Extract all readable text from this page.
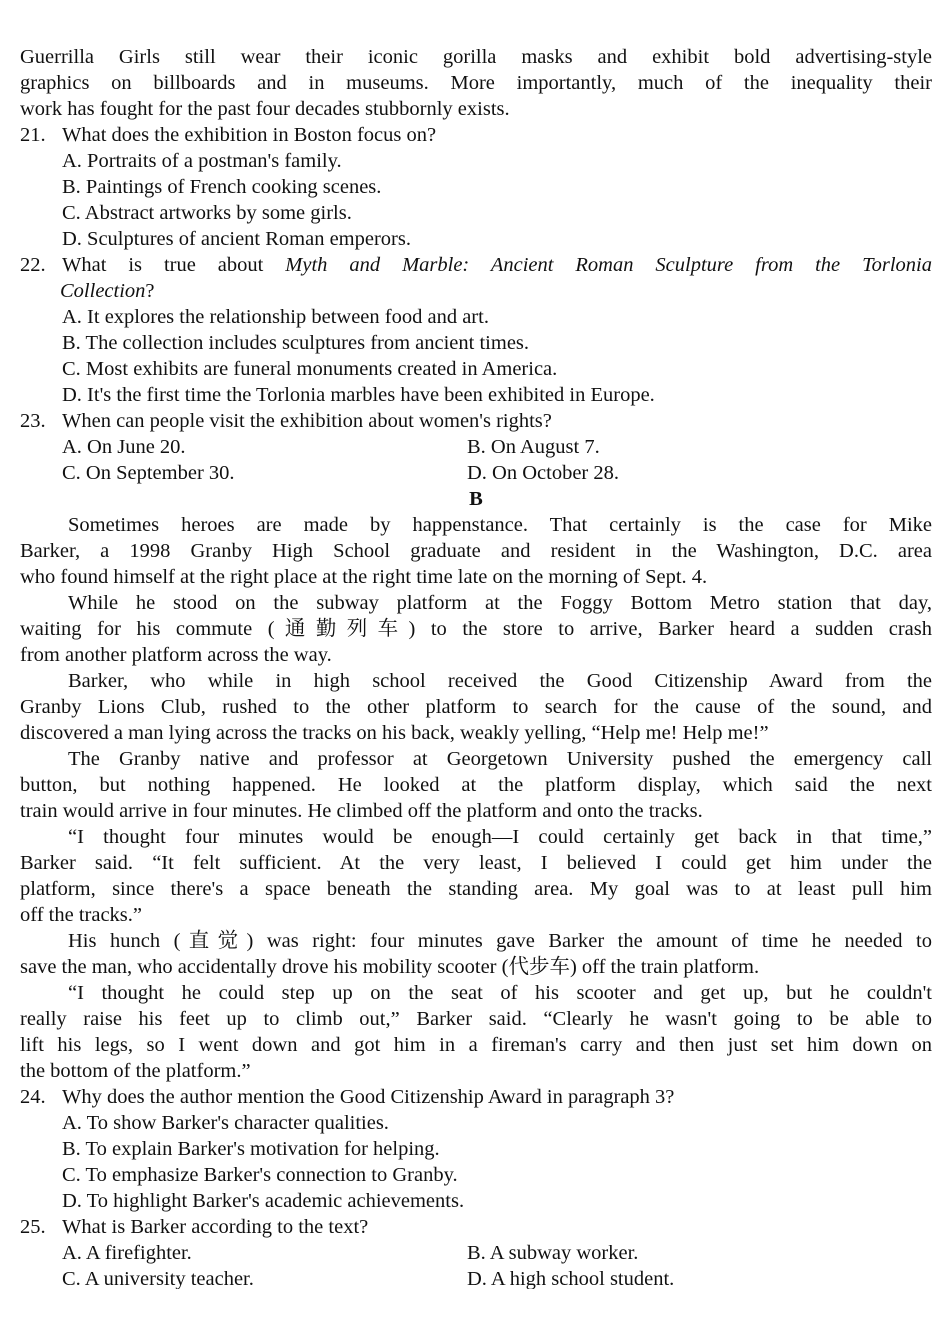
Guerrilla Girls still wear their iconic gorilla masks and exhibit bold advertising-style
graphics on billboards and in museums. More importantly, much of the inequality their
work has fought for the past four decades stubbornly exists.
21. What does the exhibition in Boston focus on?
A. Portraits of a postman's family.
B. Paintings of French cooking scenes.
C. Abstract artworks by some girls.
D. Sculptures of ancient Roman emperors.
22. What is true about Myth and Marble: Ancient Roman Sculpture from the Torlonia
Collection?
A. It explores the relationship between food and art.
B. The collection includes sculptures from ancient times.
C. Most exhibits are funeral monuments created in America.
D. It's the first time the Torlonia marbles have been exhibited in Europe.
23. When can people visit the exhibition about women's rights?
A. On June 20.	B. On August 7.
C. On September 30.	D. On October 28.
B
Sometimes heroes are made by happenstance. That certainly is the case for Mike
Barker, a 1998 Granby High School graduate and resident in the Washington, D.C. area
who found himself at the right place at the right time late on the morning of Sept. 4.
While he stood on the subway platform at the Foggy Bottom Metro station that day,
waiting for his commute (通勤列车) to the store to arrive, Barker heard a sudden crash
from another platform across the way.
Barker, who while in high school received the Good Citizenship Award from the
Granby Lions Club, rushed to the other platform to search for the cause of the sound, and
discovered a man lying across the tracks on his back, weakly yelling, “Help me! Help me!”
The Granby native and professor at Georgetown University pushed the emergency call
button, but nothing happened. He looked at the platform display, which said the next
train would arrive in four minutes. He climbed off the platform and onto the tracks.
“I thought four minutes would be enough—I could certainly get back in that time,”
Barker said. “It felt sufficient. At the very least, I believed I could get him under the
platform, since there's a space beneath the standing area. My goal was to at least pull him
off the tracks.”
His hunch (直觉) was right: four minutes gave Barker the amount of time he needed to
save the man, who accidentally drove his mobility scooter (代步车) off the train platform.
“I thought he could step up on the seat of his scooter and get up, but he couldn't
really raise his feet up to climb out,” Barker said. “Clearly he wasn't going to be able to
lift his legs, so I went down and got him in a fireman's carry and then just set him down on
the bottom of the platform.”
24. Why does the author mention the Good Citizenship Award in paragraph 3?
A. To show Barker's character qualities.
B. To explain Barker's motivation for helping.
C. To emphasize Barker's connection to Granby.
D. To highlight Barker's academic achievements.
25. What is Barker according to the text?
A. A firefighter.	B. A subway worker.
C. A university teacher.	D. A high school student.
